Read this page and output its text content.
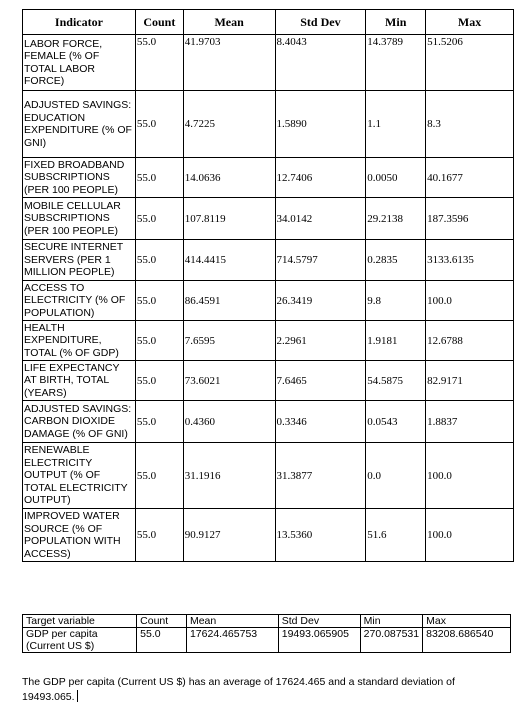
Indicator	Count	Mean	Std Dev	Min	Max
LABOR FORCE, FEMALE (% OF TOTAL LABOR FORCE)	55.0	41.9703	8.4043	14.3789	51.5206
ADJUSTED SAVINGS: EDUCATION EXPENDITURE (% OF GNI)	55.0	4.7225	1.5890	1.1	8.3
FIXED BROADBAND SUBSCRIPTIONS (PER 100 PEOPLE)	55.0	14.0636	12.7406	0.0050	40.1677
MOBILE CELLULAR SUBSCRIPTIONS (PER 100 PEOPLE)	55.0	107.8119	34.0142	29.2138	187.3596
SECURE INTERNET SERVERS (PER 1 MILLION PEOPLE)	55.0	414.4415	714.5797	0.2835	3133.6135
ACCESS TO ELECTRICITY (% OF POPULATION)	55.0	86.4591	26.3419	9.8	100.0
HEALTH EXPENDITURE, TOTAL (% OF GDP)	55.0	7.6595	2.2961	1.9181	12.6788
LIFE EXPECTANCY AT BIRTH, TOTAL (YEARS)	55.0	73.6021	7.6465	54.5875	82.9171
ADJUSTED SAVINGS: CARBON DIOXIDE DAMAGE (% OF GNI)	55.0	0.4360	0.3346	0.0543	1.8837
RENEWABLE ELECTRICITY OUTPUT (% OF TOTAL ELECTRICITY OUTPUT)	55.0	31.1916	31.3877	0.0	100.0
IMPROVED WATER SOURCE (% OF POPULATION WITH ACCESS)	55.0	90.9127	13.5360	51.6	100.0
Target variable	Count	Mean	Std Dev	Min	Max
GDP per capita (Current US $)	55.0	17624.465753	19493.065905	270.087531	83208.686540
The GDP per capita (Current US $) has an average of 17624.465 and a standard deviation of 19493.065.
